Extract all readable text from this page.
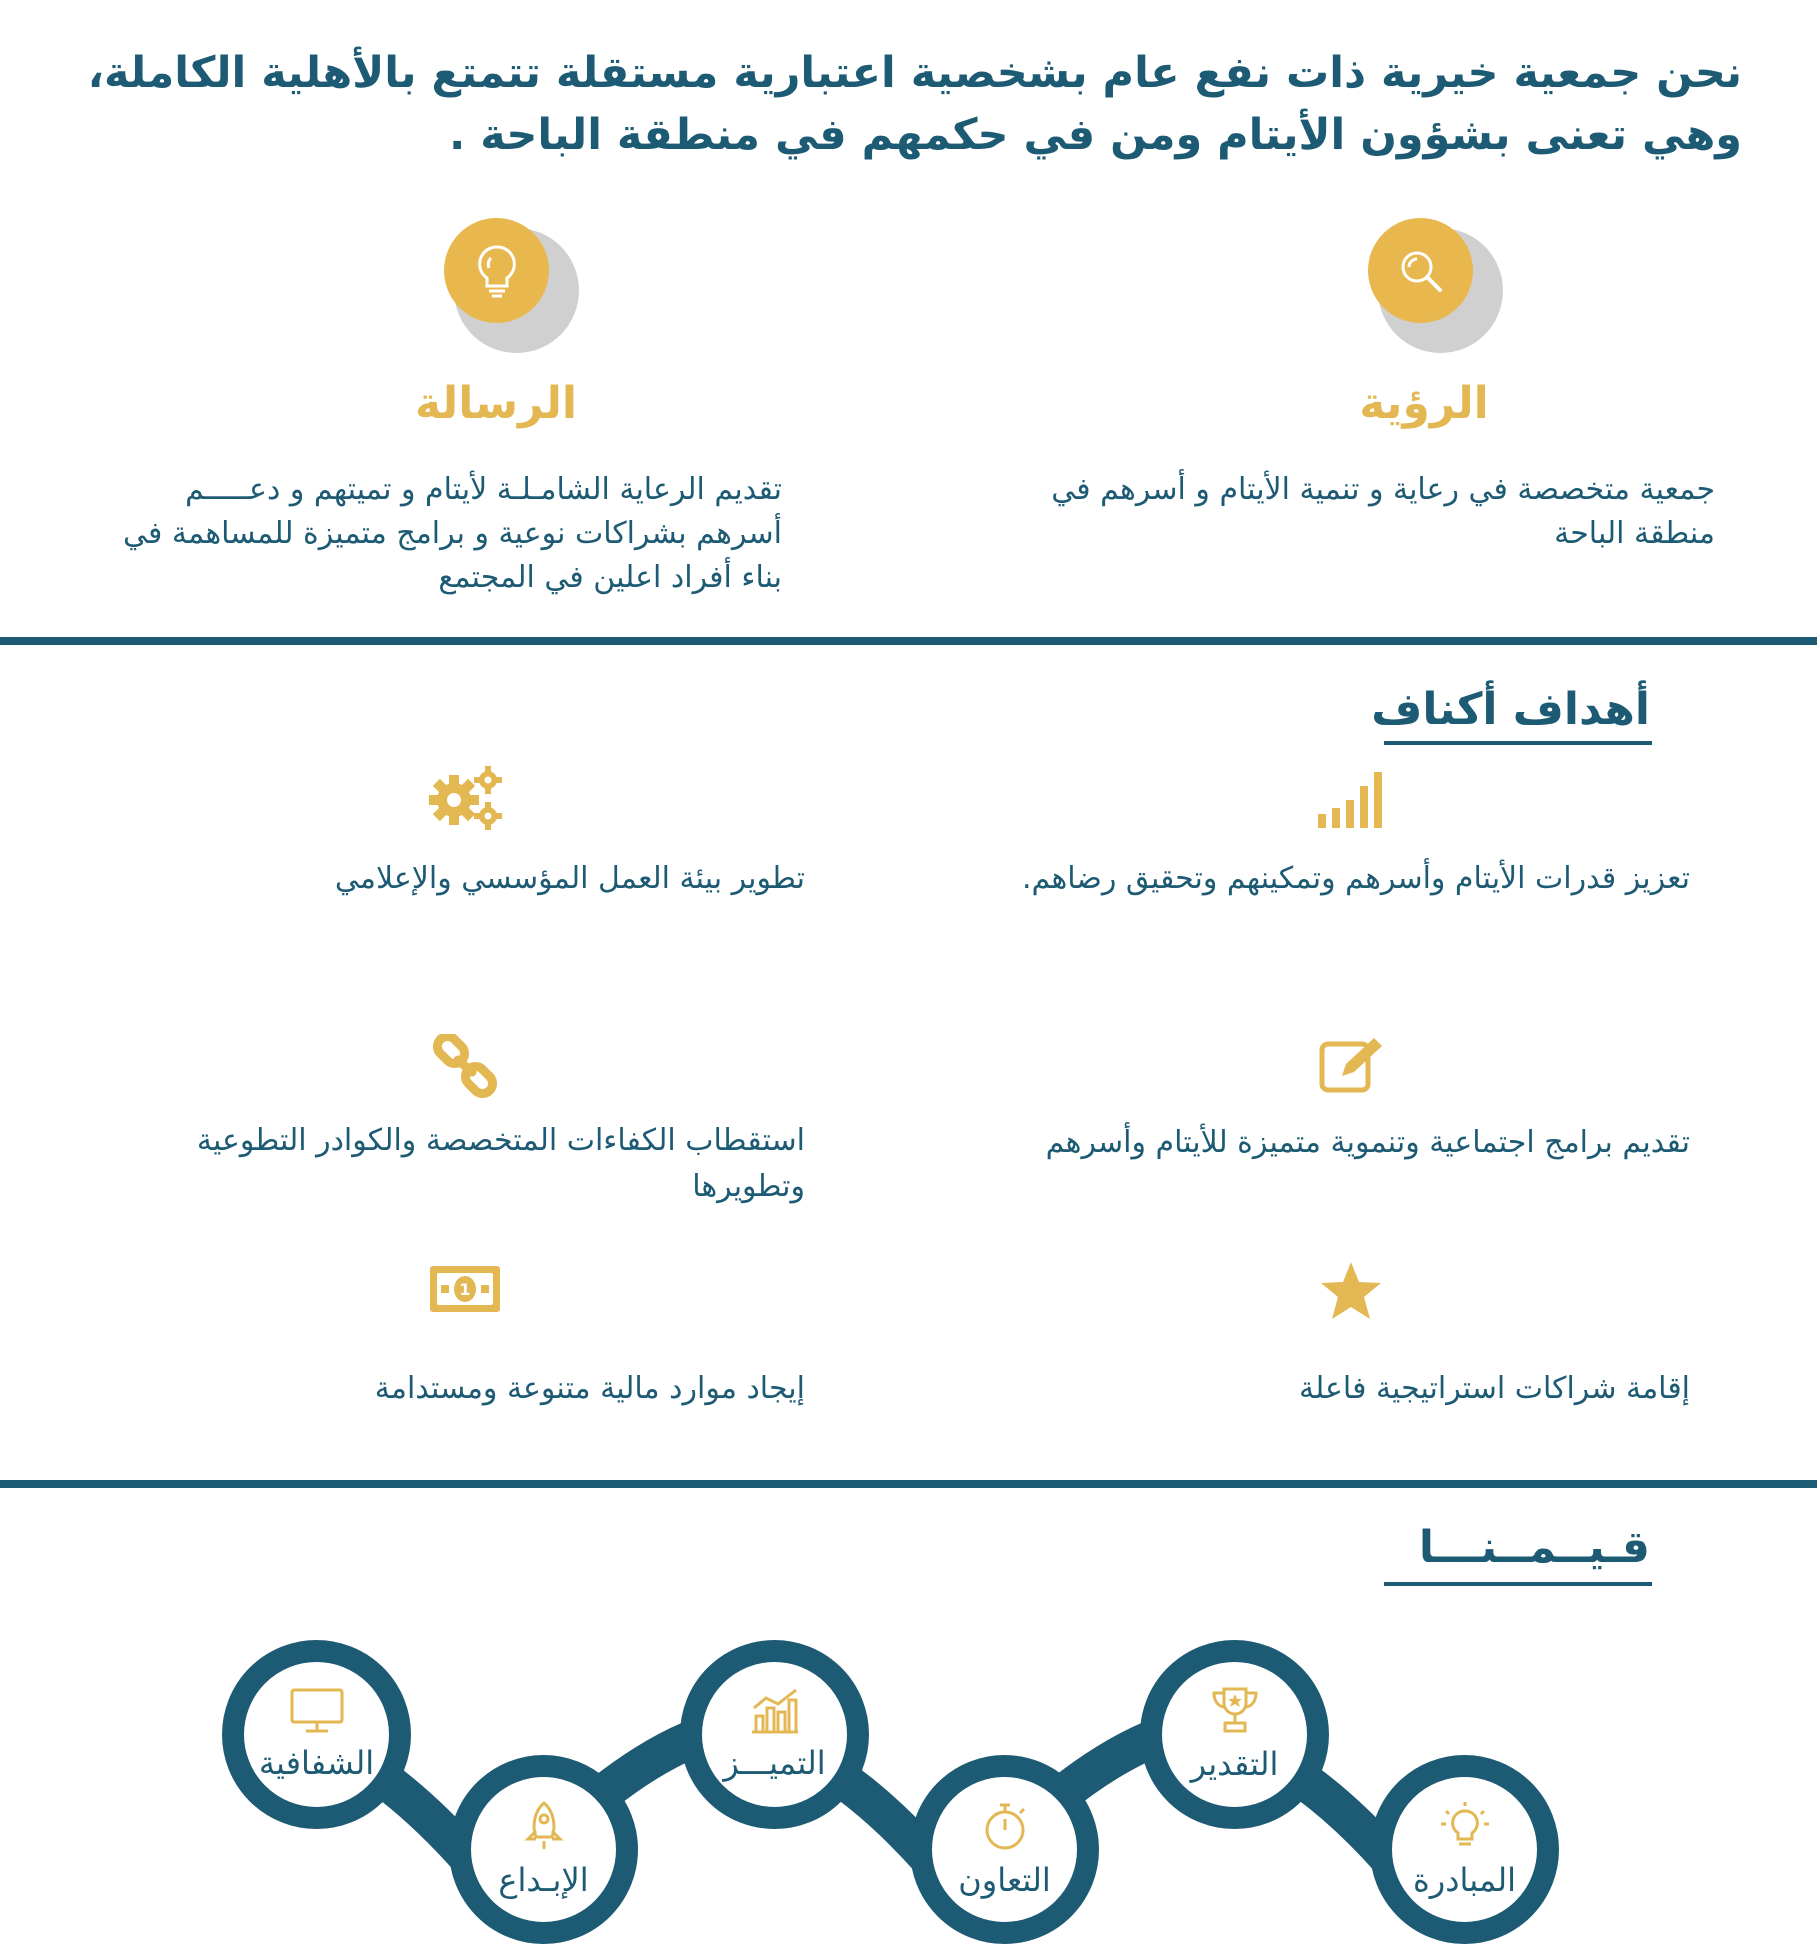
نحن جمعية خيرية ذات نفع عام بشخصية اعتبارية مستقلة تتمتع بالأهلية الكاملة، وهي تعنى بشؤون الأيتام ومن في حكمهم في منطقة الباحة .
الرؤية
جمعية متخصصة في رعاية و تنمية الأيتام و أسرهم في منطقة الباحة
الرسالة
تقديم الرعاية الشامـلـة لأيتام و تميتهم و دعـــــم أسرهم بشراكات نوعية و برامج متميزة للمساهمة في بناء أفراد اعلين في المجتمع
أهداف أكناف
تعزيز قدرات الأيتام وأسرهم وتمكينهم وتحقيق رضاهم.
تطوير بيئة العمل المؤسسي والإعلامي
تقديم برامج اجتماعية وتنموية متميزة للأيتام وأسرهم
استقطاب الكفاءات المتخصصة والكوادر التطوعية وتطويرها
إقامة شراكات استراتيجية فاعلة
1
إيجاد موارد مالية متنوعة ومستدامة
قـيــمــنـــا
الشفافية
الإبـداع
التميـــز
التعاون
التقدير
المبادرة
